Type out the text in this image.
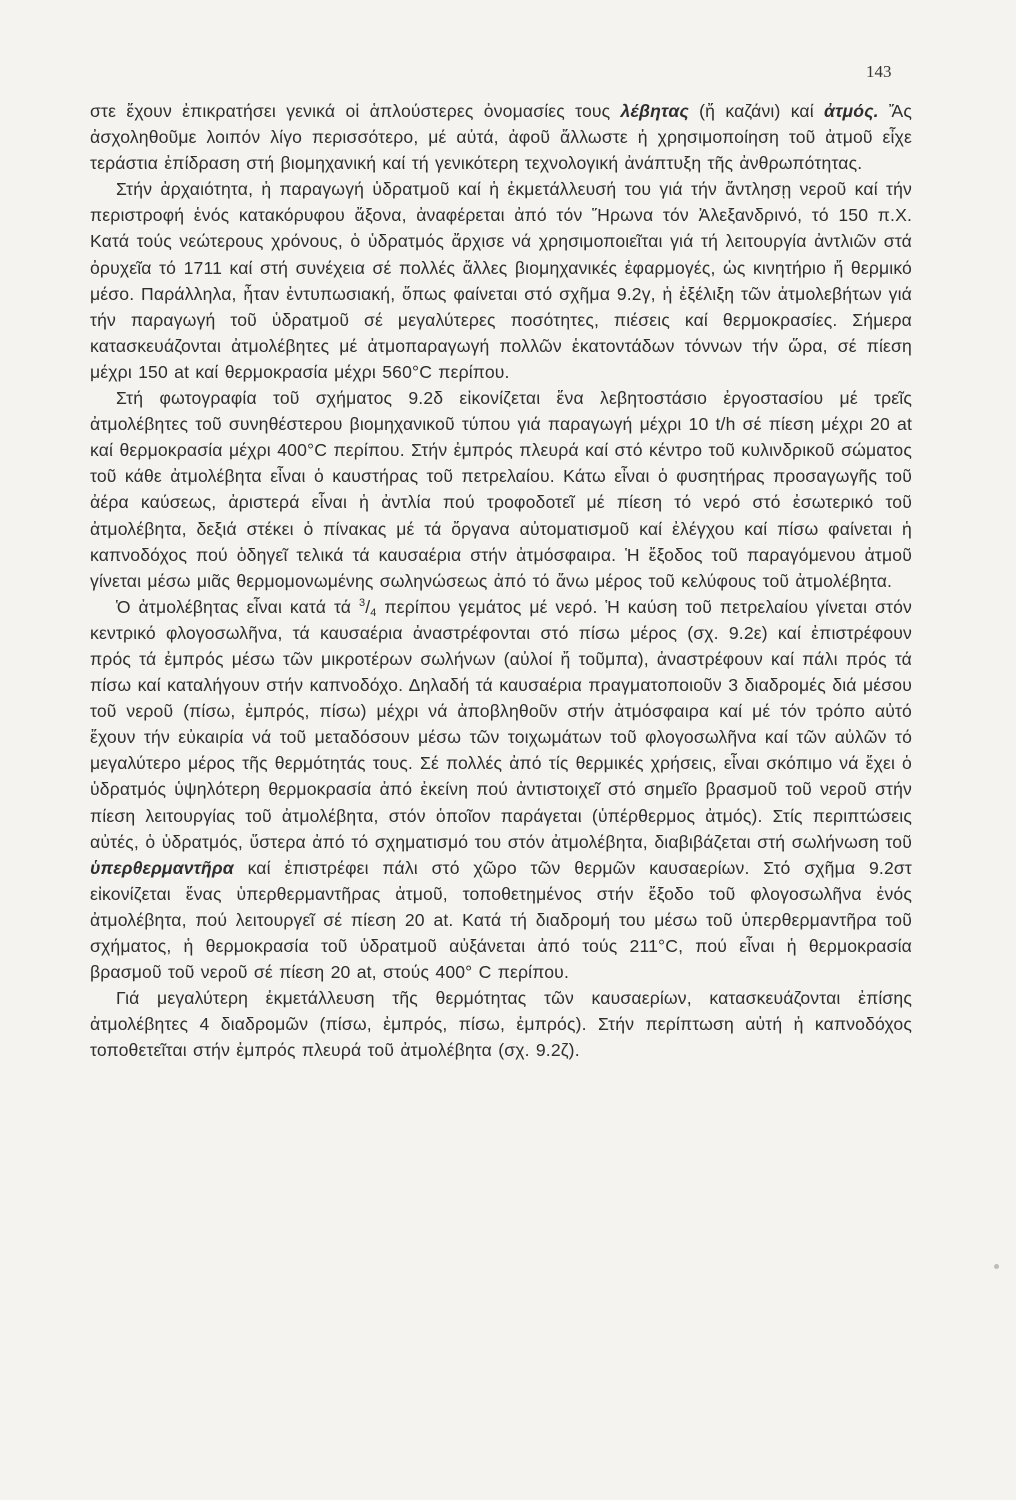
143

στε ἔχουν ἐπικρατήσει γενικά οἱ ἁπλούστερες ὀνομασίες τους λέβητας (ἤ καζάνι) καί ἀτμός. Ἄς ἀσχοληθοῦμε λοιπόν λίγο περισσότερο, μέ αὐτά, ἀφοῦ ἄλλωστε ἡ χρησιμοποίηση τοῦ ἀτμοῦ εἶχε τεράστια ἐπίδραση στή βιομηχανική καί τή γενικότερη τεχνολογική ἀνάπτυξη τῆς ἀνθρωπότητας.

Στήν ἀρχαιότητα, ἡ παραγωγή ὑδρατμοῦ καί ἡ ἐκμετάλλευσή του γιά τήν ἄντλησῃ νεροῦ καί τήν περιστροφή ἑνός κατακόρυφου ἄξονα, ἀναφέρεται ἀπό τόν Ἥρωνα τόν Ἀλεξανδρινό, τό 150 π.Χ. Κατά τούς νεώτερους χρόνους, ὁ ὑδρατμός ἄρχισε νά χρησιμοποιεῖται γιά τή λειτουργία ἀντλιῶν στά ὀρυχεῖα τό 1711 καί στή συνέχεια σέ πολλές ἄλλες βιομηχανικές ἐφαρμογές, ὡς κινητήριο ἤ θερμικό μέσο. Παράλληλα, ἦταν ἐντυπωσιακή, ὅπως φαίνεται στό σχῆμα 9.2γ, ἡ ἐξέλιξη τῶν ἀτμολεβήτων γιά τήν παραγωγή τοῦ ὑδρατμοῦ σέ μεγαλύτερες ποσότητες, πιέσεις καί θερμοκρασίες. Σήμερα κατασκευάζονται ἀτμολέβητες μέ ἀτμοπαραγωγή πολλῶν ἑκατοντάδων τόννων τήν ὥρα, σέ πίεση μέχρι 150 at καί θερμοκρασία μέχρι 560°C περίπου.

Στή φωτογραφία τοῦ σχήματος 9.2δ εἰκονίζεται ἕνα λεβητοστάσιο ἐργοστασίου μέ τρεῖς ἀτμολέβητες τοῦ συνηθέστερου βιομηχανικοῦ τύπου γιά παραγωγή μέχρι 10 t/h σέ πίεση μέχρι 20 at καί θερμοκρασία μέχρι 400°C περίπου. Στήν ἐμπρός πλευρά καί στό κέντρο τοῦ κυλινδρικοῦ σώματος τοῦ κάθε ἀτμολέβητα εἶναι ὁ καυστήρας τοῦ πετρελαίου. Κάτω εἶναι ὁ φυσητήρας προσαγωγῆς τοῦ ἀέρα καύσεως, ἀριστερά εἶναι ἡ ἀντλία πού τροφοδοτεῖ μέ πίεση τό νερό στό ἐσωτερικό τοῦ ἀτμολέβητα, δεξιά στέκει ὁ πίνακας μέ τά ὄργανα αὐτοματισμοῦ καί ἐλέγχου καί πίσω φαίνεται ἡ καπνοδόχος πού ὁδηγεῖ τελικά τά καυσαέρια στήν ἀτμόσφαιρα. Ἡ ἔξοδος τοῦ παραγόμενου ἀτμοῦ γίνεται μέσω μιᾶς θερμομονωμένης σωληνώσεως ἀπό τό ἄνω μέρος τοῦ κελύφους τοῦ ἀτμολέβητα.

Ὁ ἀτμολέβητας εἶναι κατά τά $^3/_4$ περίπου γεμάτος μέ νερό. Ἡ καύση τοῦ πετρελαίου γίνεται στόν κεντρικό φλογοσωλῆνα, τά καυσαέρια ἀναστρέφονται στό πίσω μέρος (σχ. 9.2ε) καί ἐπιστρέφουν πρός τά ἐμπρός μέσω τῶν μικροτέρων σωλήνων (αὐλοί ἤ τοῦμπα), ἀναστρέφουν καί πάλι πρός τά πίσω καί καταλήγουν στήν καπνοδόχο. Δηλαδή τά καυσαέρια πραγματοποιοῦν 3 διαδρομές διά μέσου τοῦ νεροῦ (πίσω, ἐμπρός, πίσω) μέχρι νά ἀποβληθοῦν στήν ἀτμόσφαιρα καί μέ τόν τρόπο αὐτό ἔχουν τήν εὐκαιρία νά τοῦ μεταδόσουν μέσω τῶν τοιχωμάτων τοῦ φλογοσωλῆνα καί τῶν αὐλῶν τό μεγαλύτερο μέρος τῆς θερμότητάς τους. Σέ πολλές ἀπό τίς θερμικές χρήσεις, εἶναι σκόπιμο νά ἔχει ὁ ὑδρατμός ὑψηλότερη θερμοκρασία ἀπό ἐκείνη πού ἀντιστοιχεῖ στό σημεῖο βρασμοῦ τοῦ νεροῦ στήν πίεση λειτουργίας τοῦ ἀτμολέβητα, στόν ὁποῖον παράγεται (ὑπέρθερμος ἀτμός). Στίς περιπτώσεις αὐτές, ὁ ὑδρατμός, ὕστερα ἀπό τό σχηματισμό του στόν ἀτμολέβητα, διαβιβάζεται στή σωλήνωση τοῦ ὑπερθερμαντῆρα καί ἐπιστρέφει πάλι στό χῶρο τῶν θερμῶν καυσαερίων. Στό σχῆμα 9.2στ εἰκονίζεται ἕνας ὑπερθερμαντῆρας ἀτμοῦ, τοποθετημένος στήν ἔξοδο τοῦ φλογοσωλῆνα ἑνός ἀτμολέβητα, πού λειτουργεῖ σέ πίεση 20 at. Κατά τή διαδρομή του μέσω τοῦ ὑπερθερμαντῆρα τοῦ σχήματος, ἡ θερμοκρασία τοῦ ὑδρατμοῦ αὐξάνεται ἀπό τούς 211°C, πού εἶναι ἡ θερμοκρασία βρασμοῦ τοῦ νεροῦ σέ πίεση 20 at, στούς 400° C περίπου.

Γιά μεγαλύτερη ἐκμετάλλευση τῆς θερμότητας τῶν καυσαερίων, κατασκευάζονται ἐπίσης ἀτμολέβητες 4 διαδρομῶν (πίσω, ἐμπρός, πίσω, ἐμπρός). Στήν περίπτωση αὐτή ἡ καπνοδόχος τοποθετεῖται στήν ἐμπρός πλευρά τοῦ ἀτμολέβητα (σχ. 9.2ζ).
